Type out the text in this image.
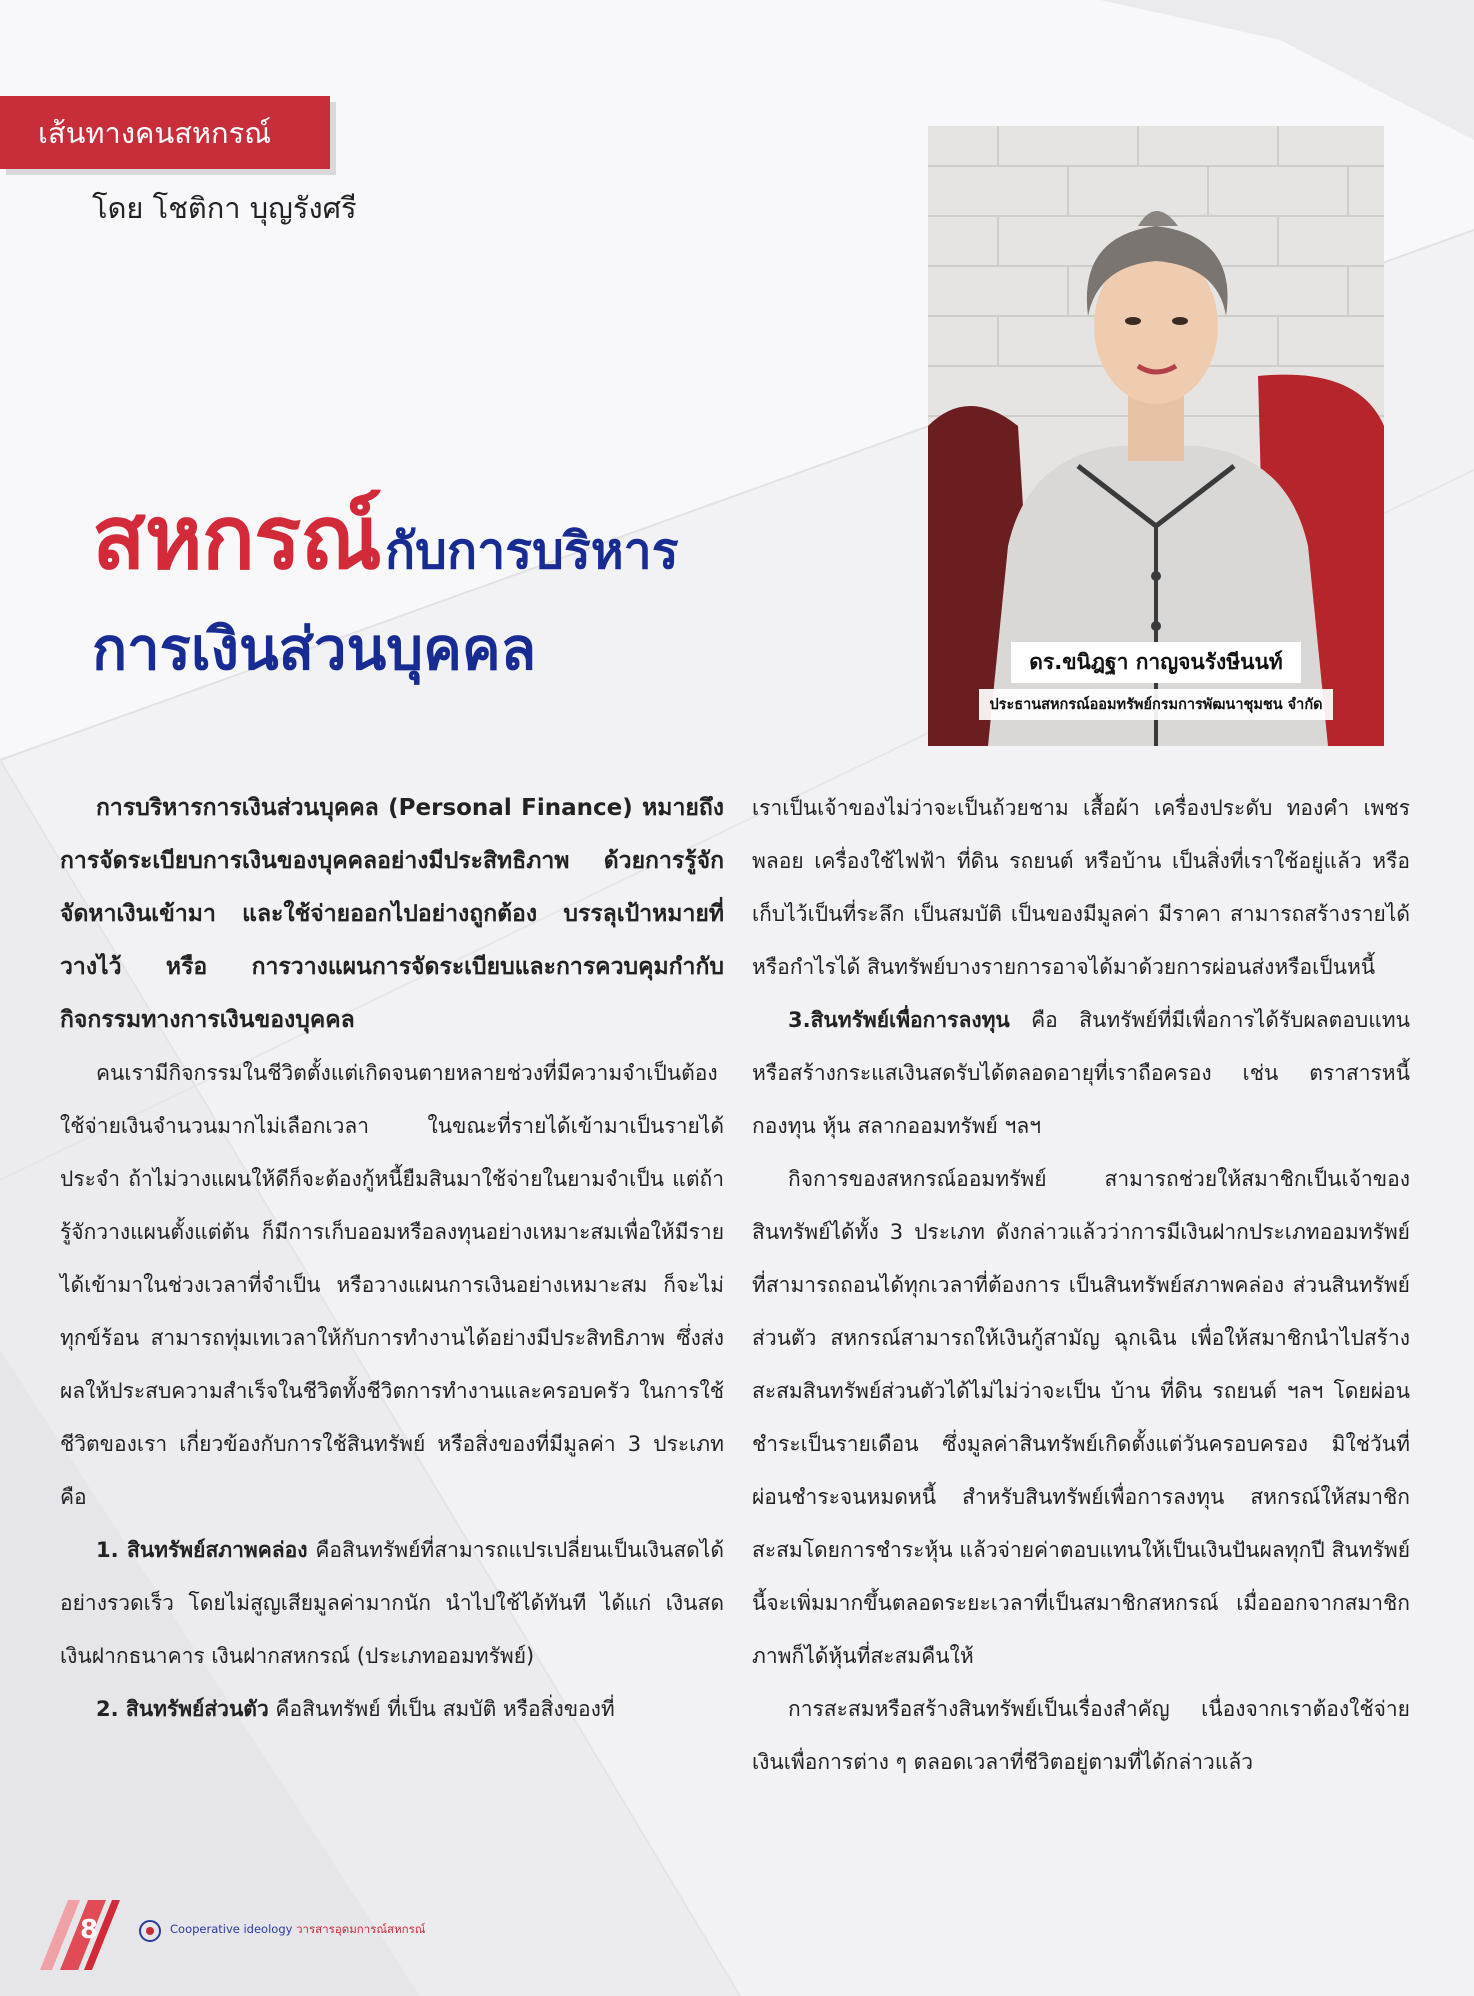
เส้นทางคนสหกรณ์
โดย โชติกา บุญรังศรี
สหกรณ์ กับการบริหาร
การเงินส่วนบุคคล	ดร.ขนิฎฐา กาญจนรังษีนนท์
ประธานสหกรณ์ออมทรัพย์กรมการพัฒนาชุมชน จำกัด

การบริหารการเงินส่วนบุคคล (Personal Finance) หมายถึง การจัดระเบียบการเงินของบุคคลอย่างมีประสิทธิภาพ ด้วยการรู้จัก จัดหาเงินเข้ามา และใช้จ่ายออกไปอย่างถูกต้อง บรรลุเป้าหมายที่วางไว้ หรือ การวางแผนการจัดระเบียบและการควบคุมกำกับกิจกรรมทางการเงินของบุคคล

คนเรามีกิจกรรมในชีวิตตั้งแต่เกิดจนตายหลายช่วงที่มีความจำเป็นต้องใช้จ่ายเงินจำนวนมากไม่เลือกเวลา ในขณะที่รายได้เข้ามาเป็นรายได้ประจำ ถ้าไม่วางแผนให้ดีก็จะต้องกู้หนี้ยืมสินมาใช้จ่ายในยามจำเป็น แต่ถ้ารู้จักวางแผนตั้งแต่ต้น ก็มีการเก็บออมหรือลงทุนอย่างเหมาะสมเพื่อให้มีรายได้เข้ามาในช่วงเวลาที่จำเป็น หรือวางแผนการเงินอย่างเหมาะสม ก็จะไม่ทุกข์ร้อน สามารถทุ่มเทเวลาให้กับการทำงานได้อย่างมีประสิทธิภาพ ซึ่งส่งผลให้ประสบความสำเร็จในชีวิตทั้งชีวิตการทำงานและครอบครัว ในการใช้ชีวิตของเรา เกี่ยวข้องกับการใช้สินทรัพย์ หรือสิ่งของที่มีมูลค่า 3 ประเภท คือ

1. สินทรัพย์สภาพคล่อง คือสินทรัพย์ที่สามารถแปรเปลี่ยนเป็นเงินสดได้อย่างรวดเร็ว โดยไม่สูญเสียมูลค่ามากนัก นำไปใช้ได้ทันที ได้แก่ เงินสด เงินฝากธนาคาร เงินฝากสหกรณ์ (ประเภทออมทรัพย์)

2. สินทรัพย์ส่วนตัว คือสินทรัพย์ ที่เป็น สมบัติ หรือสิ่งของที่

เราเป็นเจ้าของไม่ว่าจะเป็นถ้วยชาม เสื้อผ้า เครื่องประดับ ทองคำ เพชรพลอย เครื่องใช้ไฟฟ้า ที่ดิน รถยนต์ หรือบ้าน เป็นสิ่งที่เราใช้อยู่แล้ว หรือเก็บไว้เป็นที่ระลึก เป็นสมบัติ เป็นของมีมูลค่า มีราคา สามารถสร้างรายได้ หรือกำไรได้ สินทรัพย์บางรายการอาจได้มาด้วยการผ่อนส่งหรือเป็นหนี้

3.สินทรัพย์เพื่อการลงทุน คือ สินทรัพย์ที่มีเพื่อการได้รับผลตอบแทน หรือสร้างกระแสเงินสดรับได้ตลอดอายุที่เราถือครอง เช่น ตราสารหนี้ กองทุน หุ้น สลากออมทรัพย์ ฯลฯ

กิจการของสหกรณ์ออมทรัพย์ สามารถช่วยให้สมาชิกเป็นเจ้าของสินทรัพย์ได้ทั้ง 3 ประเภท ดังกล่าวแล้วว่าการมีเงินฝากประเภทออมทรัพย์ที่สามารถถอนได้ทุกเวลาที่ต้องการ เป็นสินทรัพย์สภาพคล่อง ส่วนสินทรัพย์ส่วนตัว สหกรณ์สามารถให้เงินกู้สามัญ ฉุกเฉิน เพื่อให้สมาชิกนำไปสร้างสะสมสินทรัพย์ส่วนตัวได้ไม่ไม่ว่าจะเป็น บ้าน ที่ดิน รถยนต์ ฯลฯ โดยผ่อนชำระเป็นรายเดือน ซึ่งมูลค่าสินทรัพย์เกิดตั้งแต่วันครอบครอง มิใช่วันที่ผ่อนชำระจนหมดหนี้ สำหรับสินทรัพย์เพื่อการลงทุน สหกรณ์ให้สมาชิกสะสมโดยการชำระหุ้น แล้วจ่ายค่าตอบแทนให้เป็นเงินปันผลทุกปี สินทรัพย์นี้จะเพิ่มมากขึ้นตลอดระยะเวลาที่เป็นสมาชิกสหกรณ์ เมื่อออกจากสมาชิกภาพก็ได้หุ้นที่สะสมคืนให้

การสะสมหรือสร้างสินทรัพย์เป็นเรื่องสำคัญ เนื่องจากเราต้องใช้จ่ายเงินเพื่อการต่าง ๆ ตลอดเวลาที่ชีวิตอยู่ตามที่ได้กล่าวแล้ว

8	Cooperative ideology วารสารอุดมการณ์สหกรณ์
